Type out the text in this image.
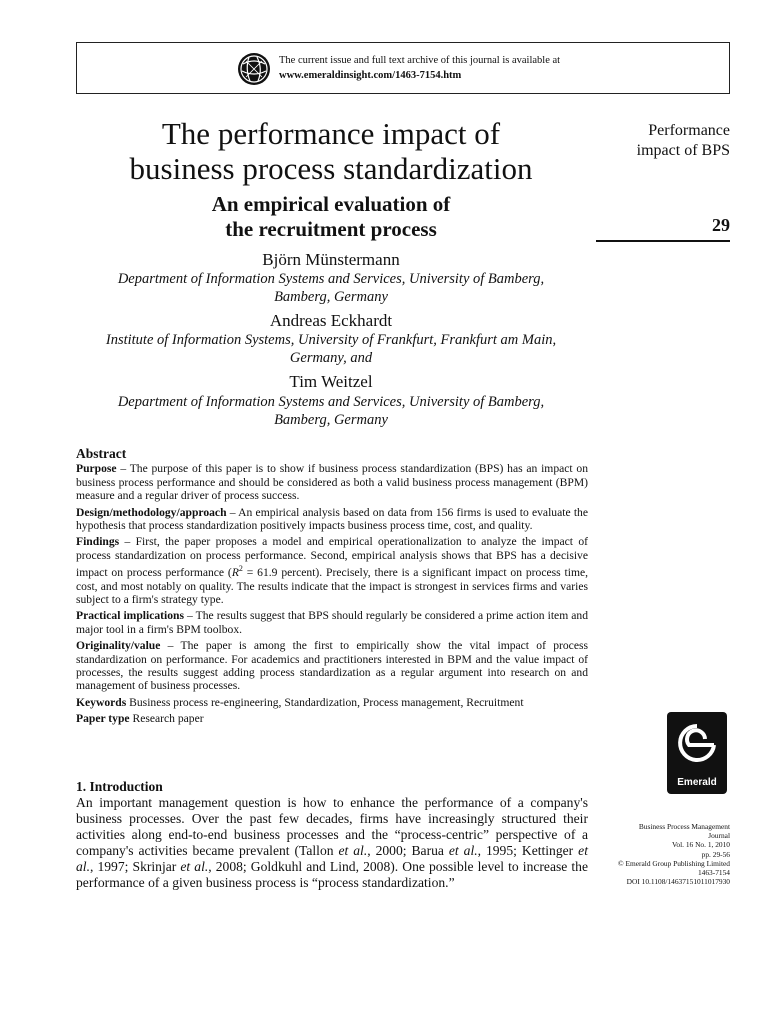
The current issue and full text archive of this journal is available at
www.emeraldinsight.com/1463-7154.htm
The performance impact of
business process standardization
An empirical evaluation of
the recruitment process
Björn Münstermann
Department of Information Systems and Services, University of Bamberg,
Bamberg, Germany
Andreas Eckhardt
Institute of Information Systems, University of Frankfurt, Frankfurt am Main,
Germany, and
Tim Weitzel
Department of Information Systems and Services, University of Bamberg,
Bamberg, Germany
Performance
impact of BPS
29
Abstract

Purpose – The purpose of this paper is to show if business process standardization (BPS) has an impact on business process performance and should be considered as both a valid business process management (BPM) measure and a regular driver of process success.

Design/methodology/approach – An empirical analysis based on data from 156 firms is used to evaluate the hypothesis that process standardization positively impacts business process time, cost, and quality.

Findings – First, the paper proposes a model and empirical operationalization to analyze the impact of process standardization on process performance. Second, empirical analysis shows that BPS has a decisive impact on process performance ($R^2 = 61.9$ percent). Precisely, there is a significant impact on process time, cost, and most notably on quality. The results indicate that the impact is strongest in services firms and varies subject to a firm's strategy type.

Practical implications – The results suggest that BPS should regularly be considered a prime action item and major tool in a firm's BPM toolbox.

Originality/value – The paper is among the first to empirically show the vital impact of process standardization on performance. For academics and practitioners interested in BPM and the value impact of processes, the results suggest adding process standardization as a regular argument into research on and management of business processes.

Keywords Business process re-engineering, Standardization, Process management, Recruitment

Paper type Research paper

1. Introduction

An important management question is how to enhance the performance of a company's business processes. Over the past few decades, firms have increasingly structured their activities along end-to-end business processes and the “process-centric” perspective of a company's activities became prevalent (Tallon et al., 2000; Barua et al., 1995; Kettinger et al., 1997; Skrinjar et al., 2008; Goldkuhl and Lind, 2008). One possible level to increase the performance of a given business process is “process standardization.”

Emerald
Business Process Management
Journal
Vol. 16 No. 1, 2010
pp. 29-56
© Emerald Group Publishing Limited
1463-7154
DOI 10.1108/14637151011017930
